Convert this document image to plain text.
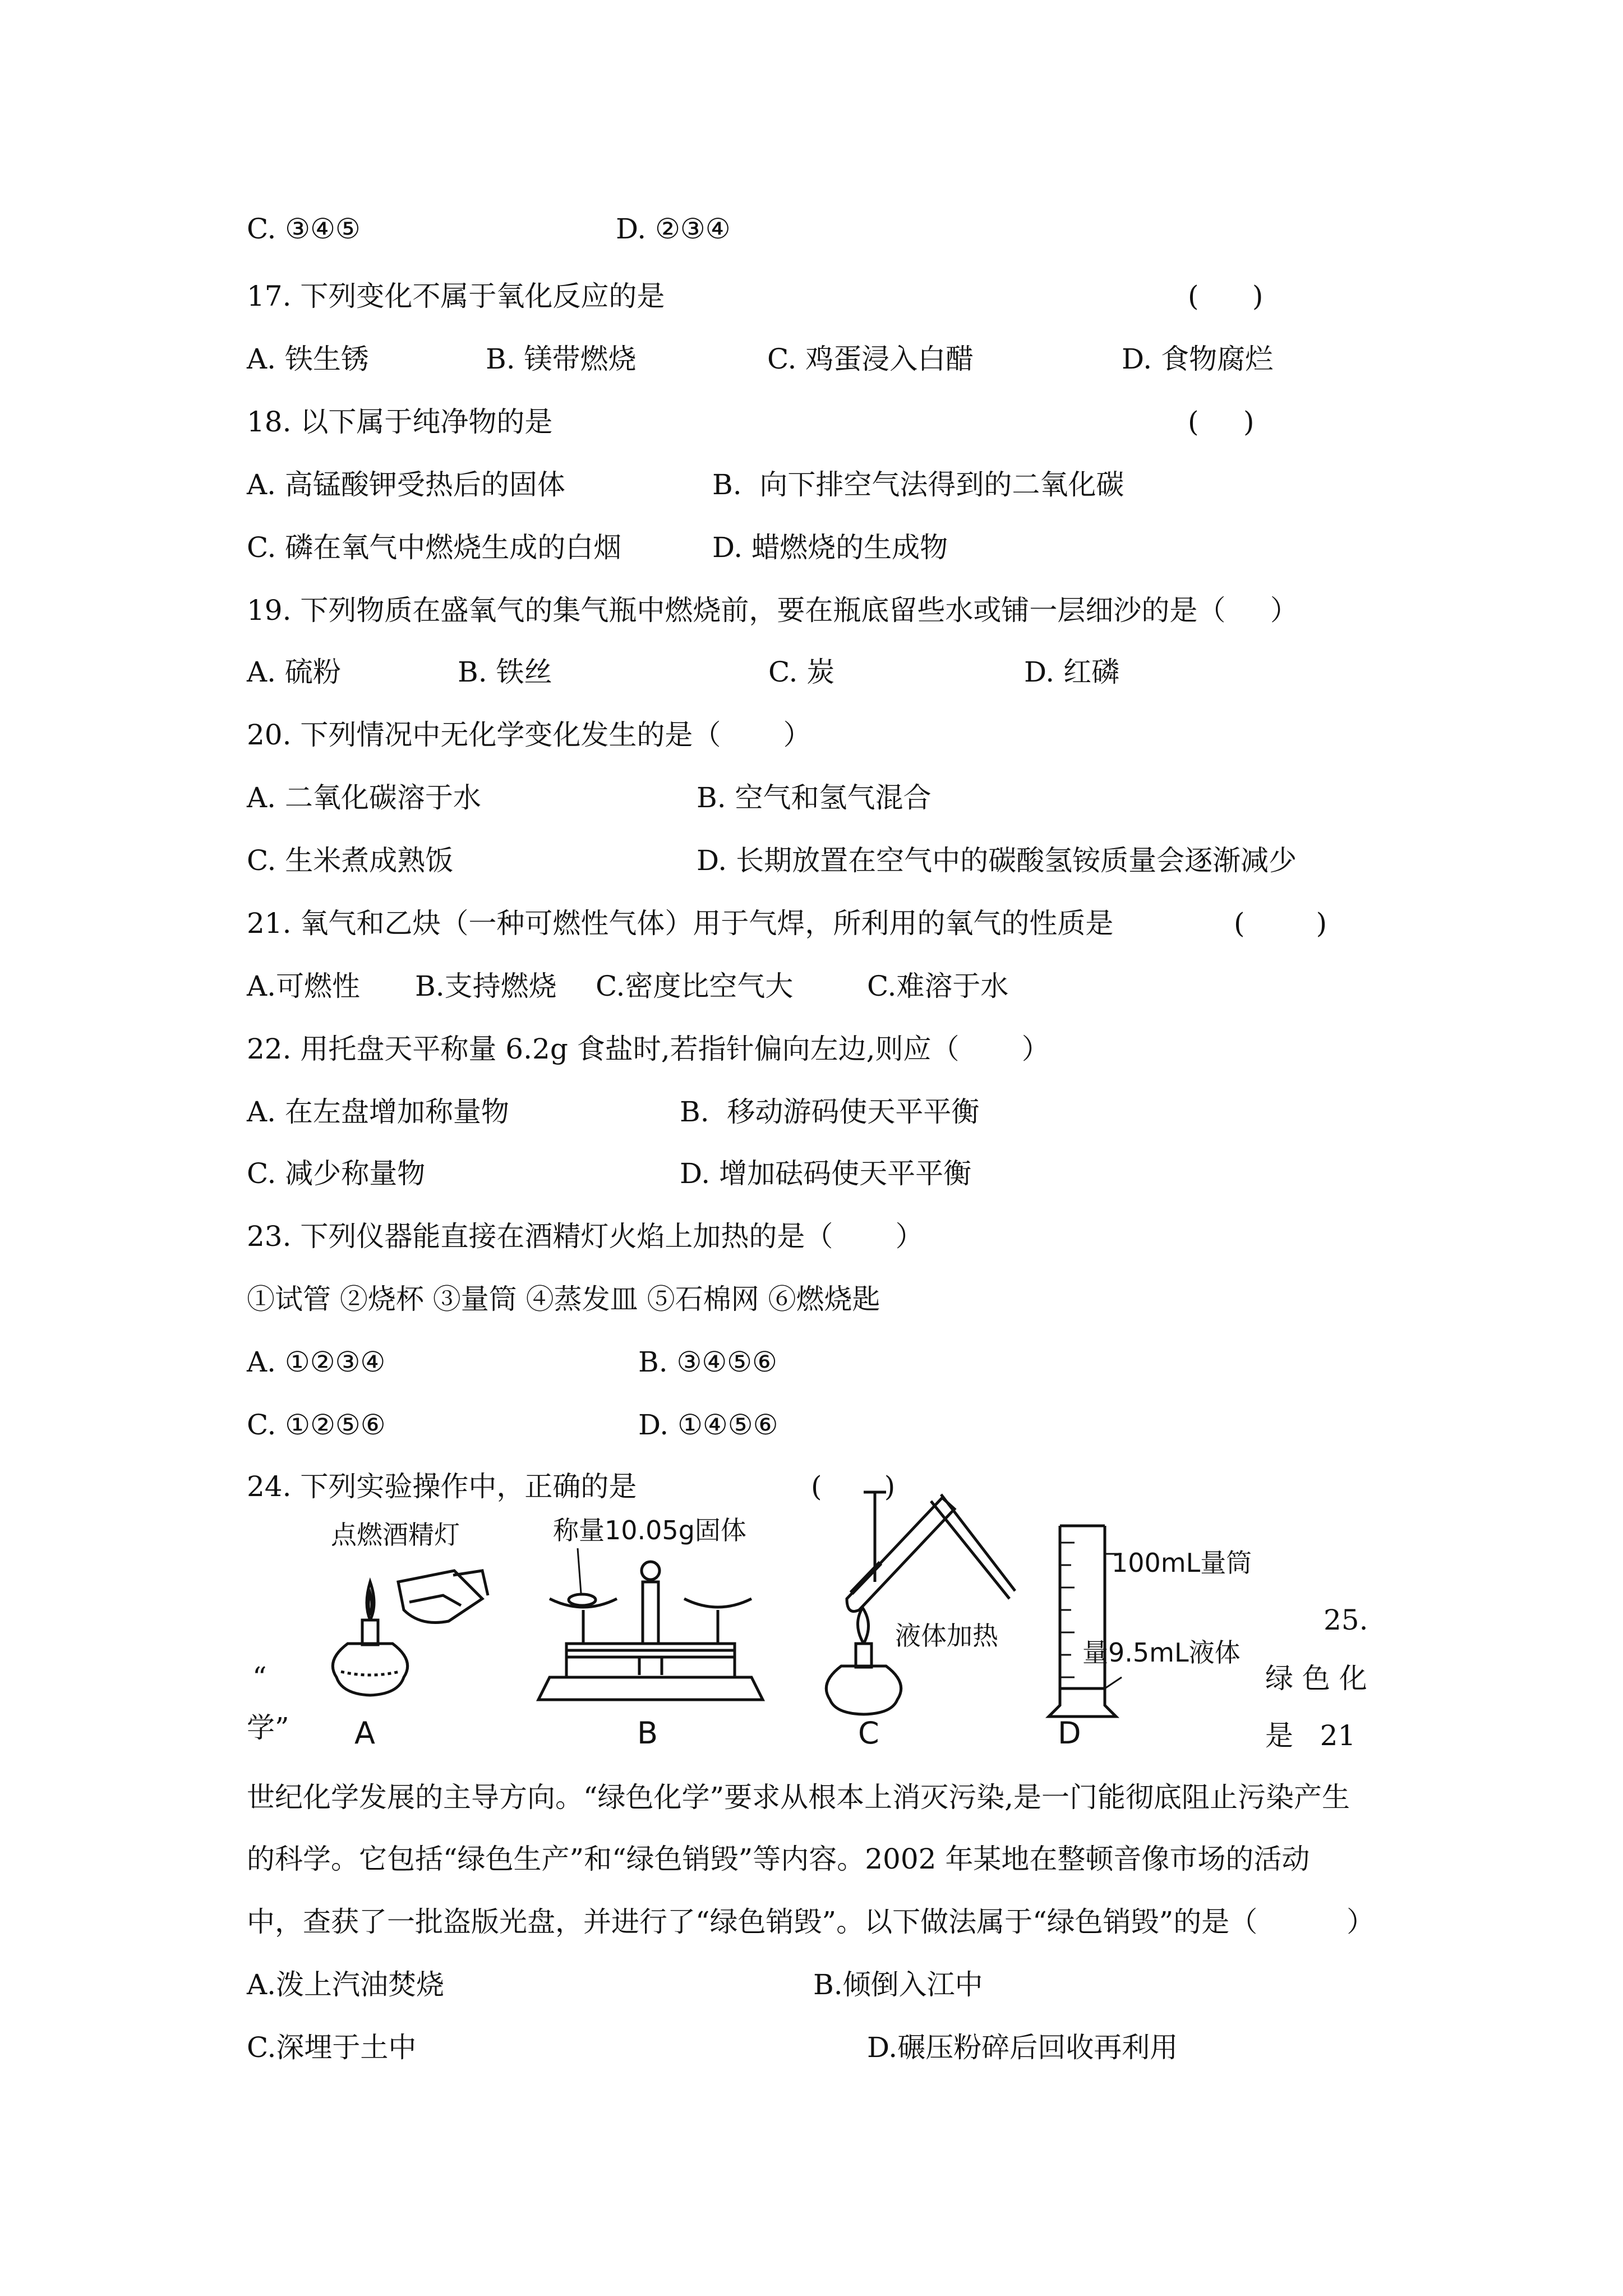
C. ③④⑤	D. ②③④
17. 下列变化不属于氧化反应的是	(      )
A. 铁生锈	B. 镁带燃烧	C. 鸡蛋浸入白醋	D. 食物腐烂
18. 以下属于纯净物的是	(     )
A. 高锰酸钾受热后的固体	B.  向下排空气法得到的二氧化碳
C. 磷在氧气中燃烧生成的白烟	D. 蜡燃烧的生成物
19. 下列物质在盛氧气的集气瓶中燃烧前，要在瓶底留些水或铺一层细沙的是（     ）
A. 硫粉	B. 铁丝	C. 炭	D. 红磷
20. 下列情况中无化学变化发生的是（       ）
A. 二氧化碳溶于水	B. 空气和氢气混合
C. 生米煮成熟饭	D. 长期放置在空气中的碳酸氢铵质量会逐渐减少
21. 氧气和乙炔（一种可燃性气体）用于气焊，所利用的氧气的性质是	(        )
A.可燃性 B.支持燃烧 C.密度比空气大	C.难溶于水
22. 用托盘天平称量 6.2g 食盐时,若指针偏向左边,则应（       ）
A. 在左盘增加称量物	B.  移动游码使天平平衡
C. 减少称量物	D. 增加砝码使天平平衡
23. 下列仪器能直接在酒精灯火焰上加热的是（       ）
①试管 ②烧杯 ③量筒 ④蒸发皿 ⑤石棉网 ⑥燃烧匙
A. ①②③④	B. ③④⑤⑥
C. ①②⑤⑥	D. ①④⑤⑥
24. 下列实验操作中，正确的是	(       )
25.
绿 色 化
是   21
“
学”
世纪化学发展的主导方向。“绿色化学”要求从根本上消灭污染,是一门能彻底阻止污染产生
的科学。它包括“绿色生产”和“绿色销毁”等内容。2002 年某地在整顿音像市场的活动
中，查获了一批盗版光盘，并进行了“绿色销毁”。以下做法属于“绿色销毁”的是（          ）
A.泼上汽油焚烧	B.倾倒入江中
C.深埋于土中	D.碾压粉碎后回收再利用
点燃酒精灯	称量10.05g固体
液体加热
100mL量筒
量9.5mL液体
A	B	C	D
